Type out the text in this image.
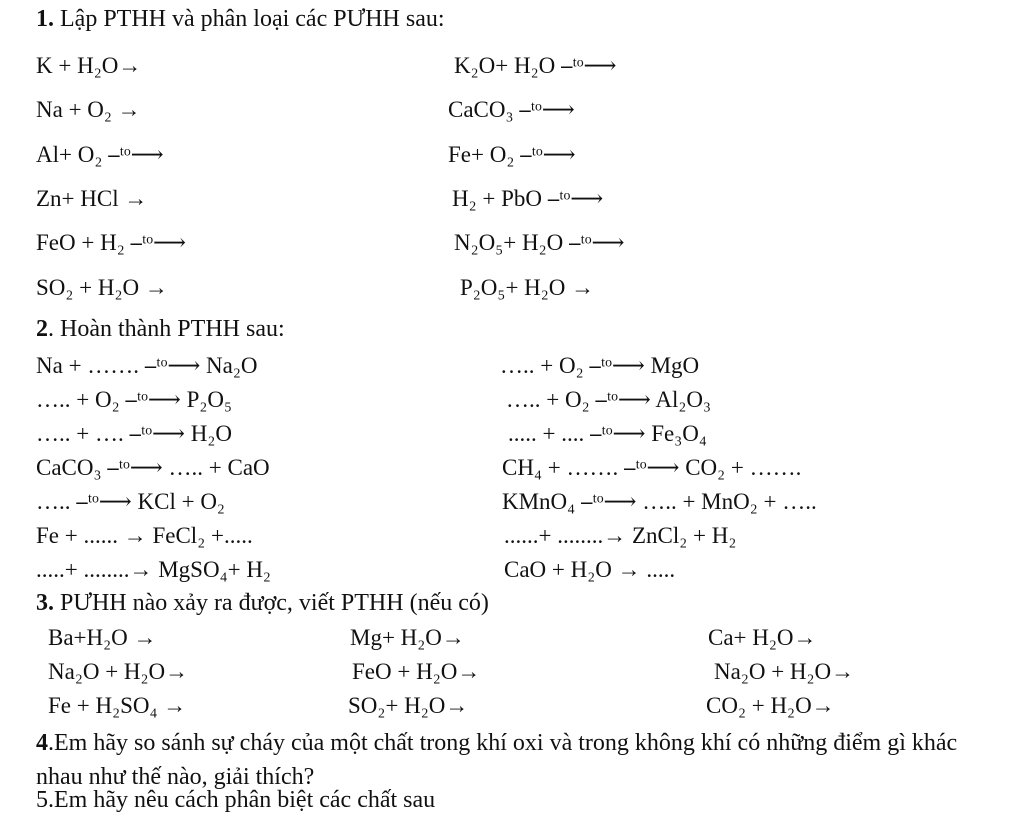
1. Lập PTHH và phân loại các PƯHH sau:
K + H₂O→
Na + O₂ →
Al+ O₂ ⎯ᵗᵒ⟶
Zn+ HCl →
FeO + H₂ ⎯ᵗᵒ⟶
SO₂ + H₂O →
K₂O+ H₂O ⎯ᵗᵒ⟶
CaCO₃ ⎯ᵗᵒ⟶
Fe+ O₂ ⎯ᵗᵒ⟶
H₂ + PbO ⎯ᵗᵒ⟶
N₂O₅+ H₂O ⎯ᵗᵒ⟶
P₂O₅+ H₂O →
2. Hoàn thành PTHH sau:
Na + ……. ⎯ᵗᵒ⟶ Na₂O
….. + O₂ ⎯ᵗᵒ⟶ P₂O₅
….. + …. ⎯ᵗᵒ⟶ H₂O
CaCO₃ ⎯ᵗᵒ⟶ ….. + CaO
….. ⎯ᵗᵒ⟶ KCl + O₂
Fe + ...... → FeCl₂ +.....
.....+ ........→ MgSO₄+ H₂
….. + O₂ ⎯ᵗᵒ⟶ MgO
….. + O₂ ⎯ᵗᵒ⟶ Al₂O₃
..... + .... ⎯ᵗᵒ⟶ Fe₃O₄
CH₄ + ……. ⎯ᵗᵒ⟶ CO₂ + …….
KMnO₄ ⎯ᵗᵒ⟶ ….. + MnO₂ + …..
......+ ........→ ZnCl₂ + H₂
CaO + H₂O → .....
3. PƯHH nào xảy ra được, viết PTHH (nếu có)
Ba+H₂O →
Na₂O + H₂O→
Fe + H₂SO₄ →
Mg+ H₂O→
FeO + H₂O→
SO₂+ H₂O→
Ca+ H₂O→
Na₂O + H₂O→
CO₂ + H₂O→
4.Em hãy so sánh sự cháy của một chất trong khí oxi và trong không khí có những điểm gì khác nhau như thế nào, giải thích?
5.Em hãy nêu cách phân biệt các chất sau
